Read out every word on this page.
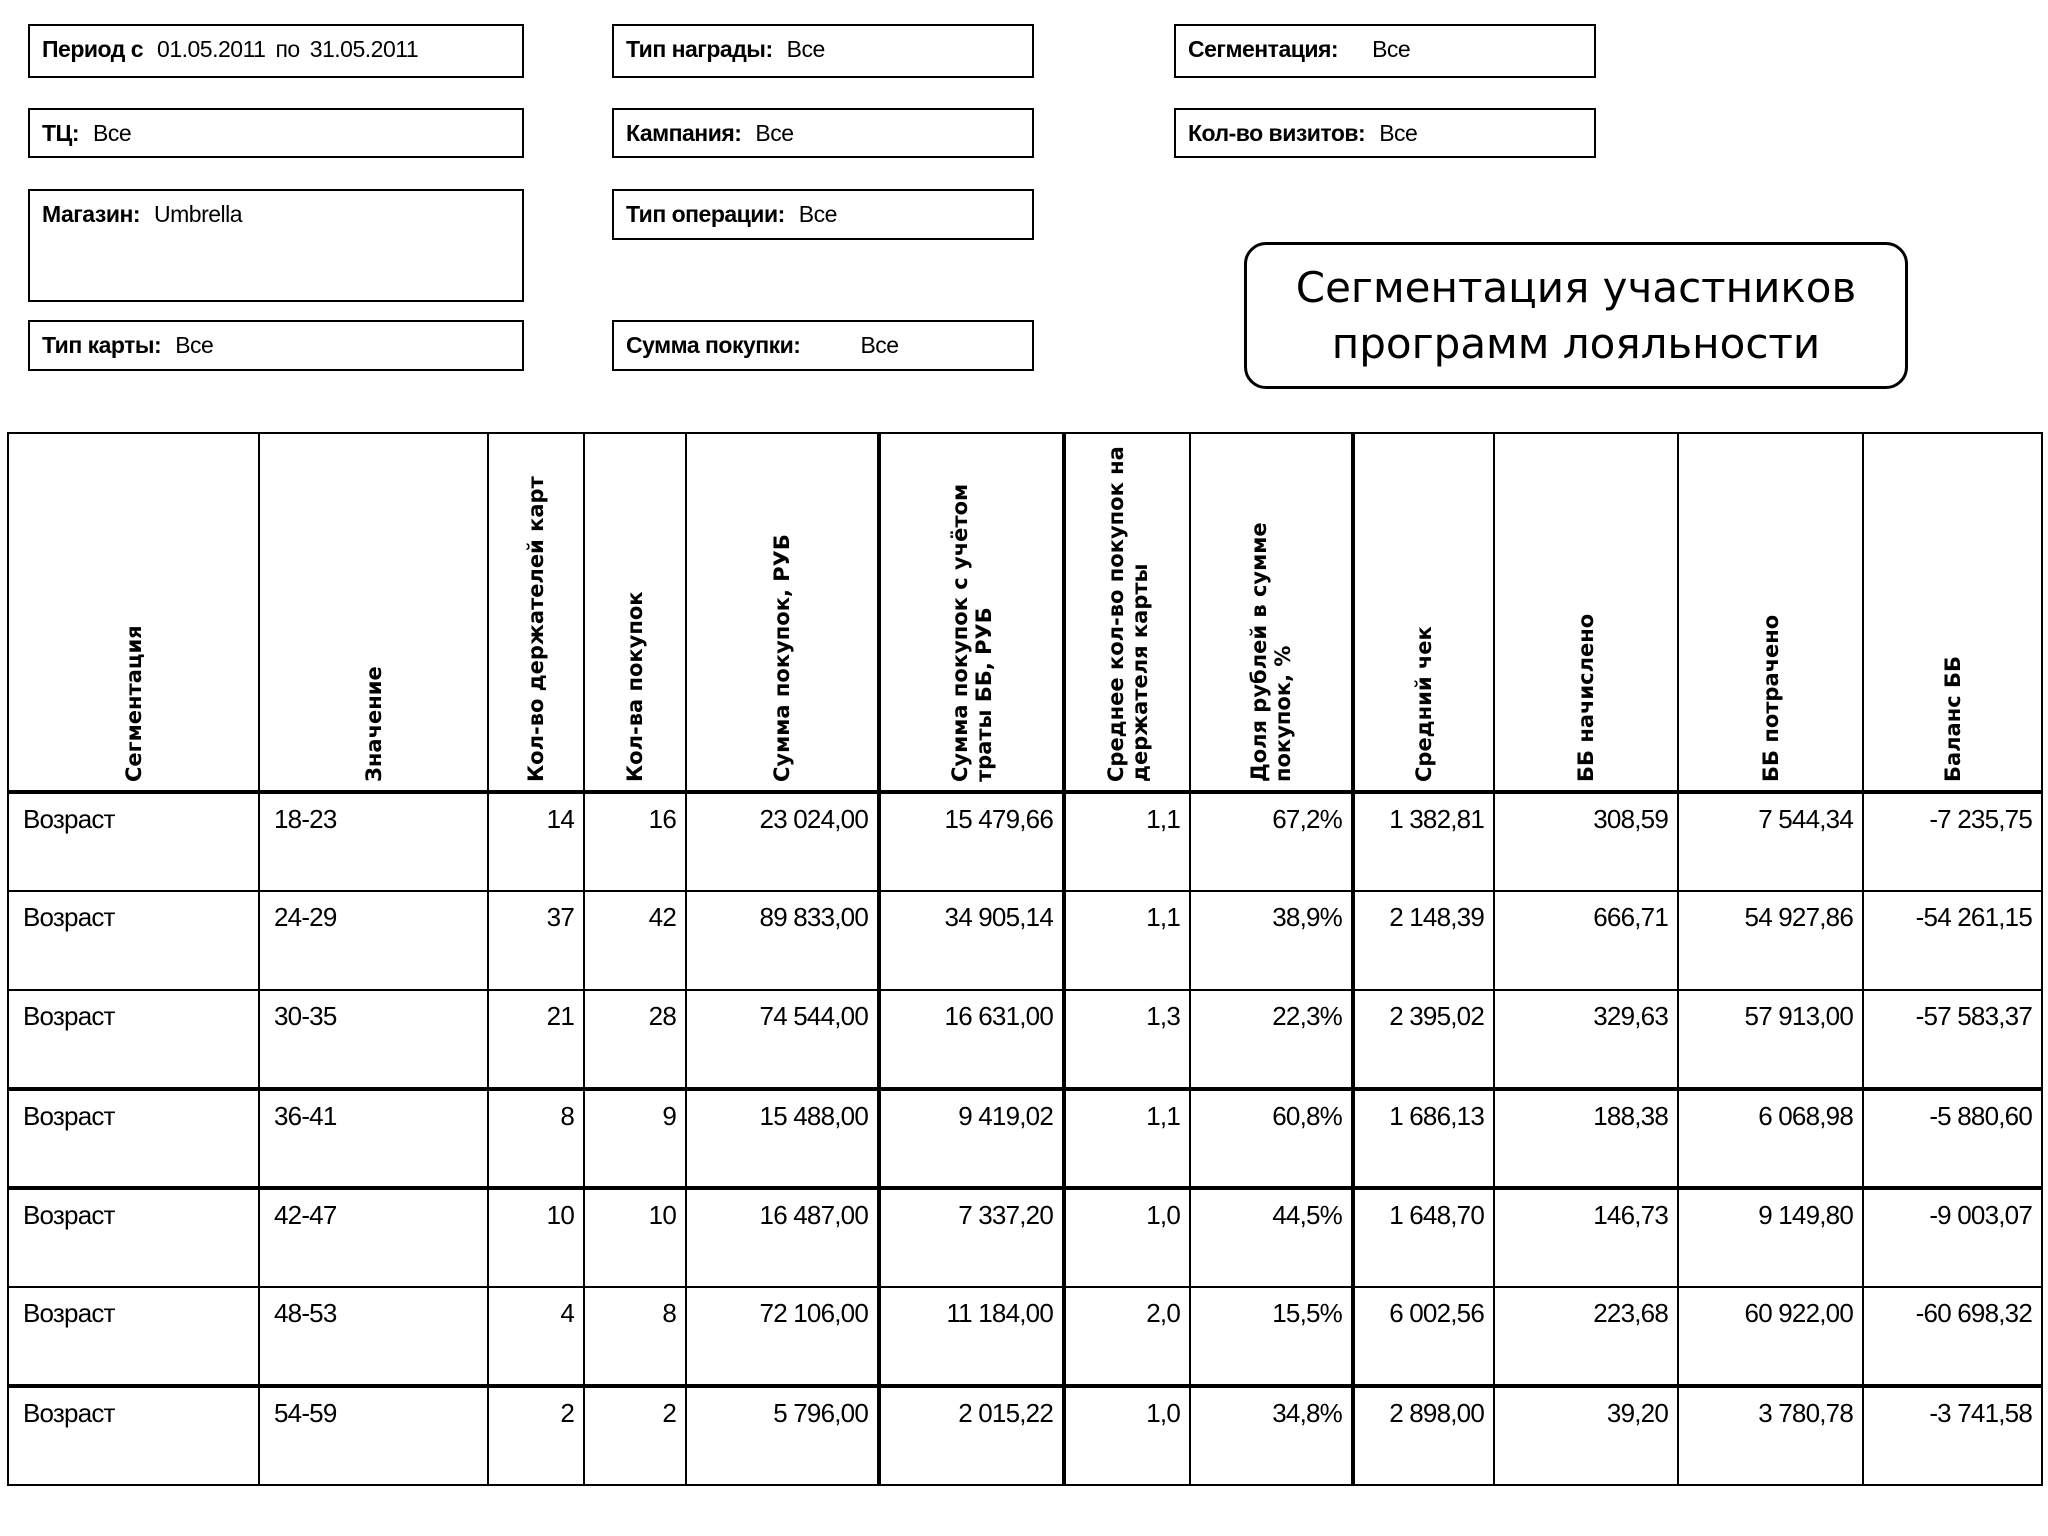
Период с 01.05.2011 по 31.05.2011
ТЦ: Все
Магазин: Umbrella
Тип карты: Все
Тип награды: Все
Кампания: Все
Тип операции: Все
Сумма покупки:	Все
Сегментация: Все
Кол-во визитов: Все
Сегментация участников
программ лояльности
Сегментация	Значение	Кол-во держателей карт	Кол-ва покупок	Сумма покупок, РУБ	Сумма покупок с учётом траты ББ, РУБ	Среднее кол-во покупок на держателя карты	Доля рублей в сумме покупок, %	Средний чек	ББ начислено	ББ потрачено	Баланс ББ

Возраст	18-23	14	16	23 024,00	15 479,66	1,1	67,2%	1 382,81	308,59	7 544,34	-7 235,75
Возраст	24-29	37	42	89 833,00	34 905,14	1,1	38,9%	2 148,39	666,71	54 927,86	-54 261,15
Возраст	30-35	21	28	74 544,00	16 631,00	1,3	22,3%	2 395,02	329,63	57 913,00	-57 583,37
Возраст	36-41	8	9	15 488,00	9 419,02	1,1	60,8%	1 686,13	188,38	6 068,98	-5 880,60
Возраст	42-47	10	10	16 487,00	7 337,20	1,0	44,5%	1 648,70	146,73	9 149,80	-9 003,07
Возраст	48-53	4	8	72 106,00	11 184,00	2,0	15,5%	6 002,56	223,68	60 922,00	-60 698,32
Возраст	54-59	2	2	5 796,00	2 015,22	1,0	34,8%	2 898,00	39,20	3 780,78	-3 741,58
